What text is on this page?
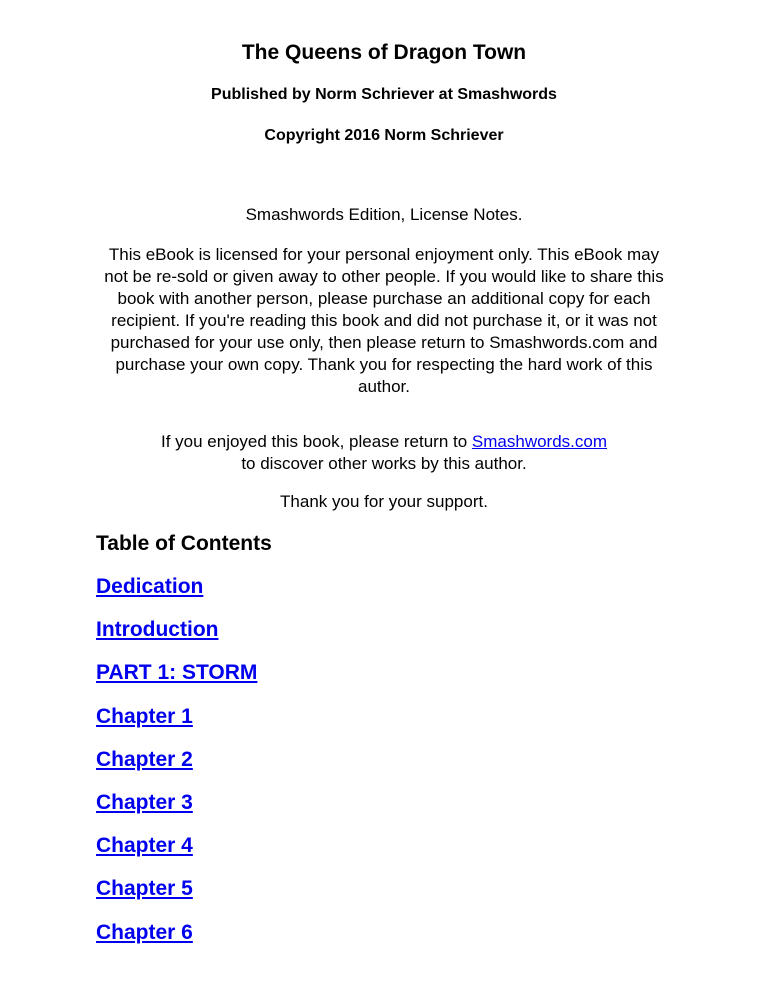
The Queens of Dragon Town
Published by Norm Schriever at Smashwords
Copyright 2016 Norm Schriever
Smashwords Edition, License Notes.
This eBook is licensed for your personal enjoyment only. This eBook may not be re-sold or given away to other people. If you would like to share this book with another person, please purchase an additional copy for each recipient. If you're reading this book and did not purchase it, or it was not purchased for your use only, then please return to Smashwords.com and purchase your own copy. Thank you for respecting the hard work of this author.
If you enjoyed this book, please return to Smashwords.com
to discover other works by this author.
Thank you for your support.
Table of Contents
Dedication
Introduction
PART 1: STORM
Chapter 1
Chapter 2
Chapter 3
Chapter 4
Chapter 5
Chapter 6
